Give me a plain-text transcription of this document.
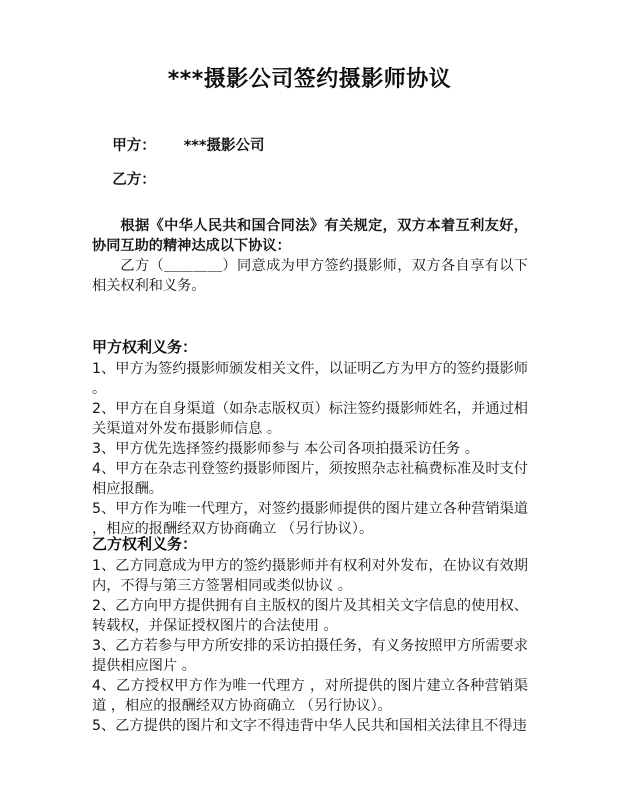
***摄影公司签约摄影师协议

甲方： ***摄影公司

乙方：

根据《中华人民共和国合同法》有关规定，双方本着互利友好，协同互助的精神达成以下协议：

乙方（＿＿＿＿）同意成为甲方签约摄影师，双方各自享有以下相关权利和义务。

甲方权利义务：
1、甲方为签约摄影师颁发相关文件，以证明乙方为甲方的签约摄影师 。
2、甲方在自身渠道（如杂志版权页）标注签约摄影师姓名，并通过相关渠道对外发布摄影师信息 。
3、甲方优先选择签约摄影师参与 本公司各项拍摄采访任务 。
4、甲方在杂志刊登签约摄影师图片，须按照杂志社稿费标准及时支付相应报酬。
5、甲方作为唯一代理方，对签约摄影师提供的图片建立各种营销渠道 ，相应的报酬经双方协商确立 （另行协议）。
乙方权利义务：
1、乙方同意成为甲方的签约摄影师并有权利对外发布，在协议有效期内，不得与第三方签署相同或类似协议 。
2、乙方向甲方提供拥有自主版权的图片及其相关文字信息的使用权、转载权，并保证授权图片的合法使用 。
3、乙方若参与甲方所安排的采访拍摄任务，有义务按照甲方所需要求提供相应图片 。
4、乙方授权甲方作为唯一代理方 ，对所提供的图片建立各种营销渠道 ，相应的报酬经双方协商确立 （另行协议）。
5、乙方提供的图片和文字不得违背中华人民共和国相关法律且不得违
